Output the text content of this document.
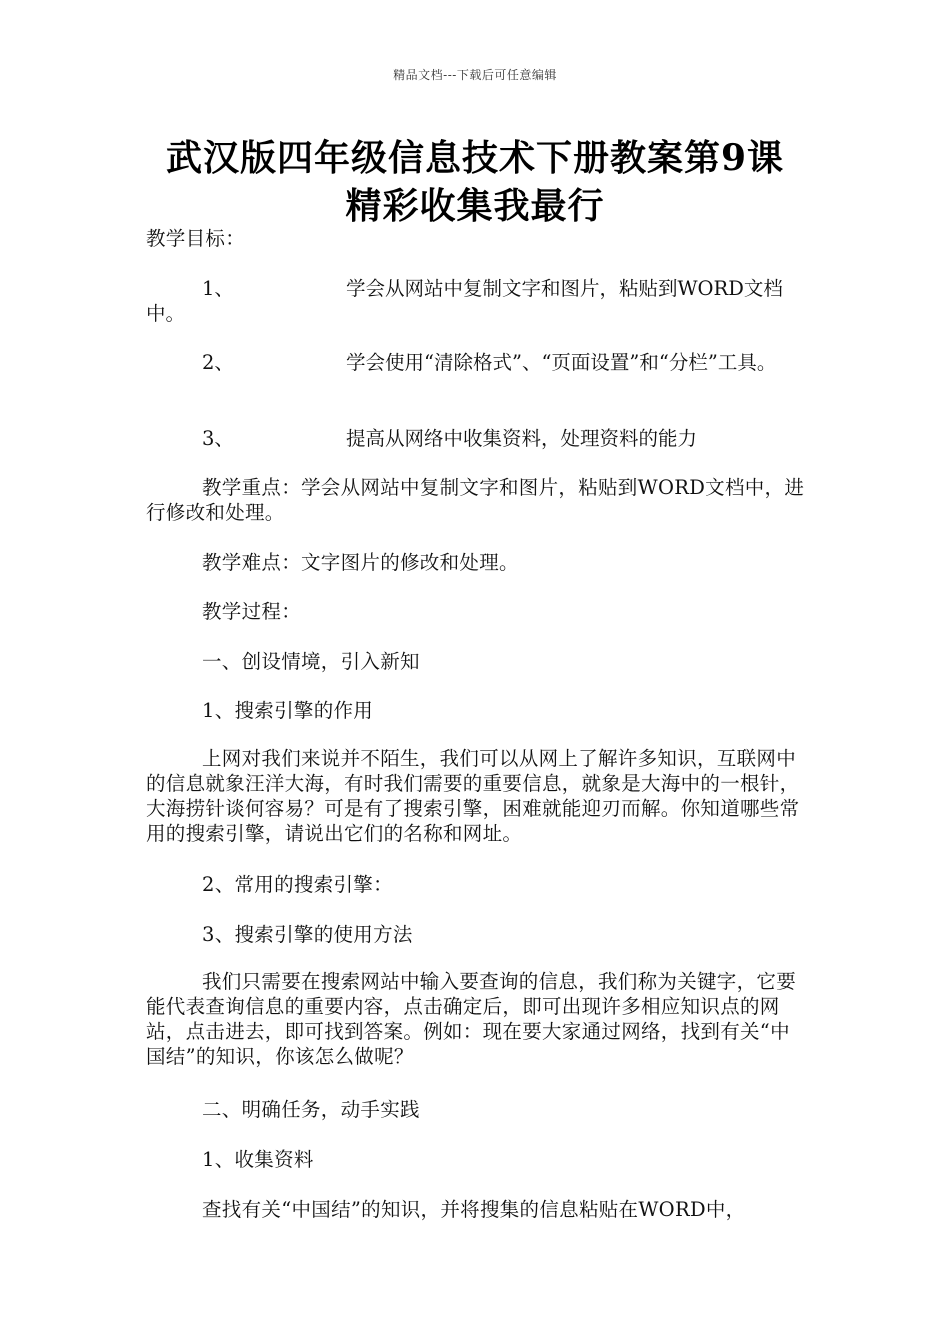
精品文档---下载后可任意编辑
武汉版四年级信息技术下册教案第9课
精彩收集我最行

教学目标：

1、	学会从网站中复制文字和图片，粘贴到WORD文档中。
2、	学会使用“清除格式”、“页面设置”和“分栏”工具。
3、	提高从网络中收集资料，处理资料的能力

教学重点：学会从网站中复制文字和图片，粘贴到WORD文档中，进行修改和处理。

教学难点：文字图片的修改和处理。

教学过程：

一、创设情境，引入新知

1、搜索引擎的作用

上网对我们来说并不陌生，我们可以从网上了解许多知识，互联网中的信息就象汪洋大海，有时我们需要的重要信息，就象是大海中的一根针，大海捞针谈何容易？可是有了搜索引擎，困难就能迎刃而解。你知道哪些常用的搜索引擎，请说出它们的名称和网址。

2、常用的搜索引擎：

3、搜索引擎的使用方法

我们只需要在搜索网站中输入要查询的信息，我们称为关键字，它要能代表查询信息的重要内容，点击确定后，即可出现许多相应知识点的网站，点击进去，即可找到答案。例如：现在要大家通过网络，找到有关“中国结”的知识，你该怎么做呢？

二、明确任务，动手实践

1、收集资料

查找有关“中国结”的知识，并将搜集的信息粘贴在WORD中，
